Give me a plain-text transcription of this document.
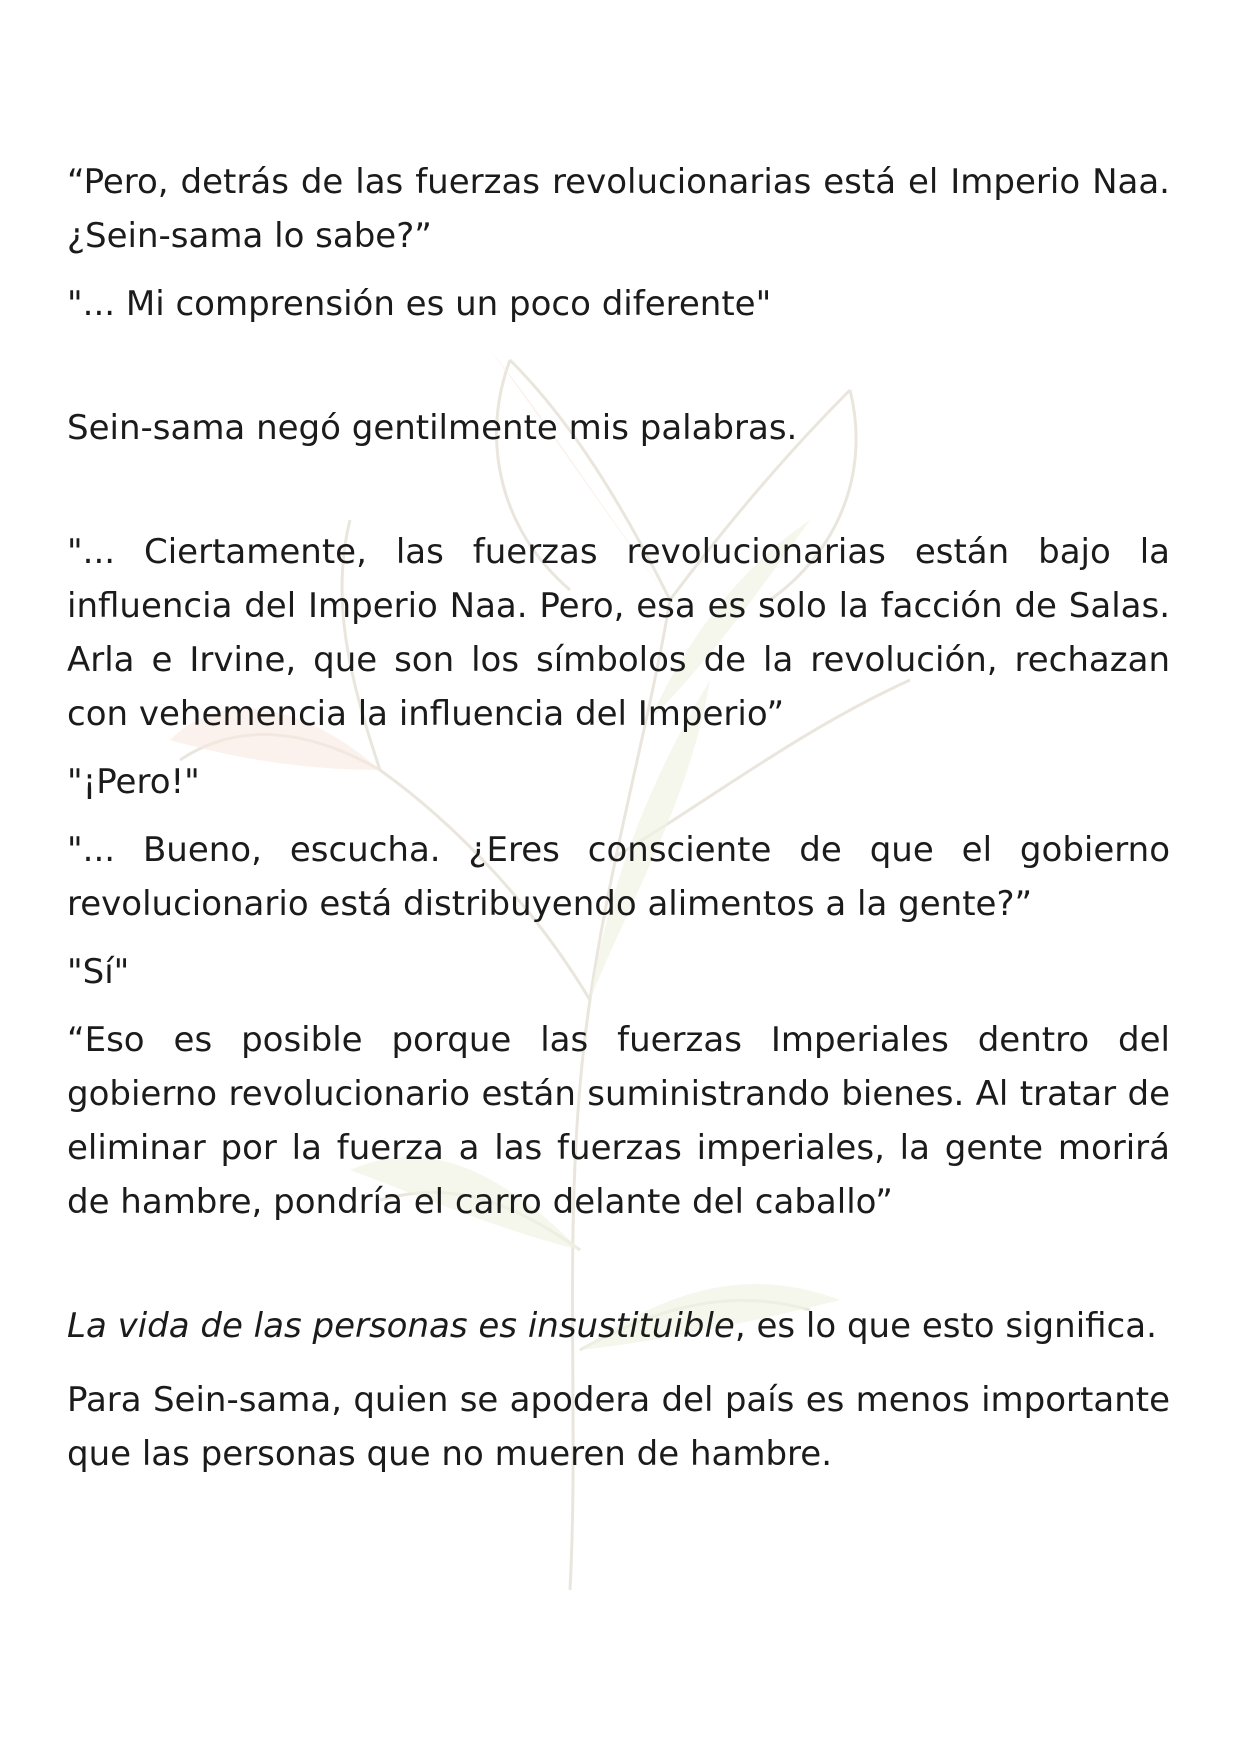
“Pero, detrás de las fuerzas revolucionarias está el Imperio Naa. ¿Sein-sama lo sabe?”

"... Mi comprensión es un poco diferente"

Sein-sama negó gentilmente mis palabras.

"... Ciertamente, las fuerzas revolucionarias están bajo la influencia del Imperio Naa. Pero, esa es solo la facción de Salas. Arla e Irvine, que son los símbolos de la revolución, rechazan con vehemencia la influencia del Imperio”

"¡Pero!"

"... Bueno, escucha. ¿Eres consciente de que el gobierno revolucionario está distribuyendo alimentos a la gente?”

"Sí"

“Eso es posible porque las fuerzas Imperiales dentro del gobierno revolucionario están suministrando bienes. Al tratar de eliminar por la fuerza a las fuerzas imperiales, la gente morirá de hambre, pondría el carro delante del caballo”

La vida de las personas es insustituible, es lo que esto significa.

Para Sein-sama, quien se apodera del país es menos importante que las personas que no mueren de hambre.
